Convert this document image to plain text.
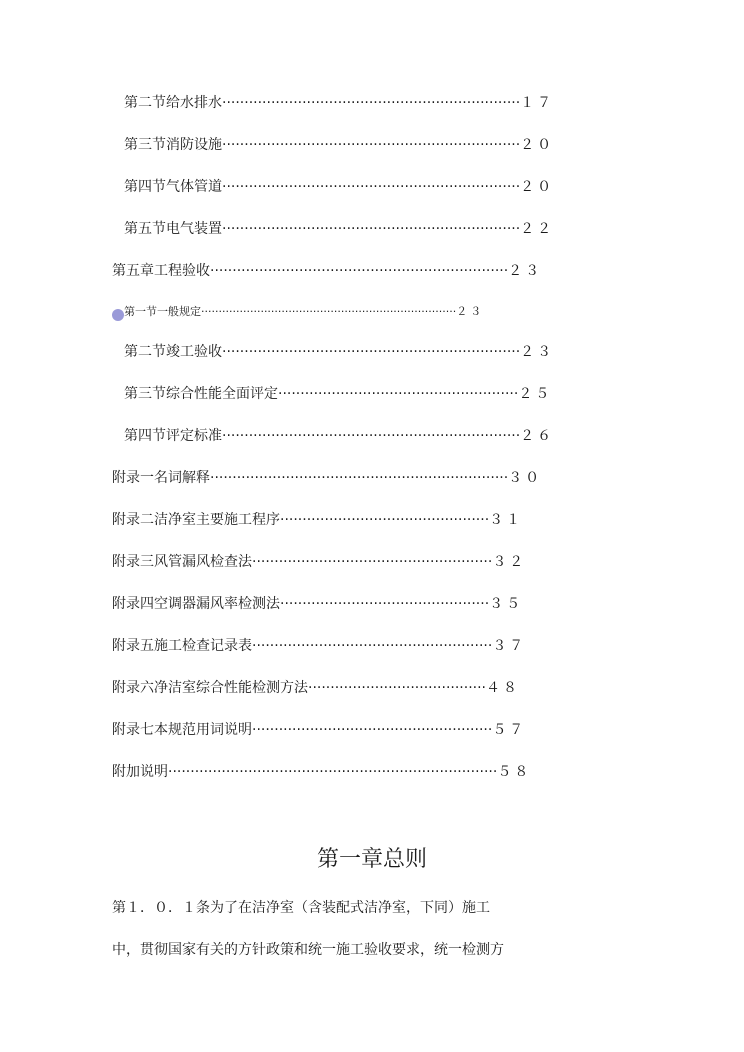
第二节给水排水···································································１７
第三节消防设施···································································２０
第四节气体管道···································································２０
第五节电气装置···································································２２
第五章工程验收···································································２３
第一节一般规定·········································································２３
第二节竣工验收···································································２３
第三节综合性能全面评定······················································２５
第四节评定标准···································································２６
附录一名词解释···································································３０
附录二洁净室主要施工程序···············································３１
附录三风管漏风检查法······················································３２
附录四空调器漏风率检测法···············································３５
附录五施工检查记录表······················································３７
附录六净洁室综合性能检测方法········································４８
附录七本规范用词说明······················································５７
附加说明··········································································５８
第一章总则
第１．０．１条为了在洁净室（含装配式洁净室，下同）施工
中，贯彻国家有关的方针政策和统一施工验收要求，统一检测方
